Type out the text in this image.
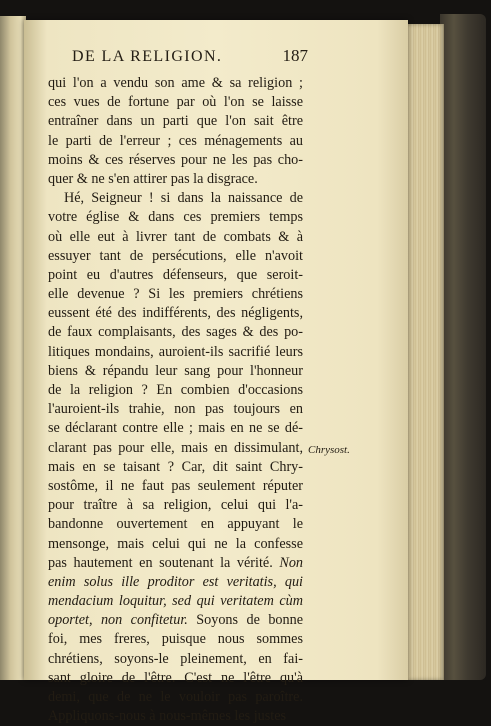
DE LA RELIGION.	187
qui l'on a vendu son ame & sa religion ;
ces vues de fortune par où l'on se laisse
entraîner dans un parti que l'on sait être
le parti de l'erreur ; ces ménagements au
moins & ces réserves pour ne les pas cho-
quer & ne s'en attirer pas la disgrace.
Hé, Seigneur ! si dans la naissance de
votre église & dans ces premiers temps
où elle eut à livrer tant de combats & à
essuyer tant de persécutions, elle n'avoit
point eu d'autres défenseurs, que seroit-
elle devenue ? Si les premiers chrétiens
eussent été des indifférents, des négligents,
de faux complaisants, des sages & des po-
litiques mondains, auroient-ils sacrifié leurs
biens & répandu leur sang pour l'honneur
de la religion ? En combien d'occasions
l'auroient-ils trahie, non pas toujours en
se déclarant contre elle ; mais en ne se dé-
clarant pas pour elle, mais en dissimulant,
mais en se taisant ? Car, dit saint Chry-
sostôme, il ne faut pas seulement réputer
pour traître à sa religion, celui qui l'a-
bandonne ouvertement en appuyant le
mensonge, mais celui qui ne la confesse
pas hautement en soutenant la vérité. Non
enim solus ille proditor est veritatis, qui
mendacium loquitur, sed qui veritatem cùm
oportet, non confitetur. Soyons de bonne
foi, mes freres, puisque nous sommes
chrétiens, soyons-le pleinement, en fai-
sant gloire de l'être. C'est ne l'être qu'à
demi, que de ne le vouloir pas paroître.
Appliquons-nous à nous-mêmes les justes
Chrysost.
